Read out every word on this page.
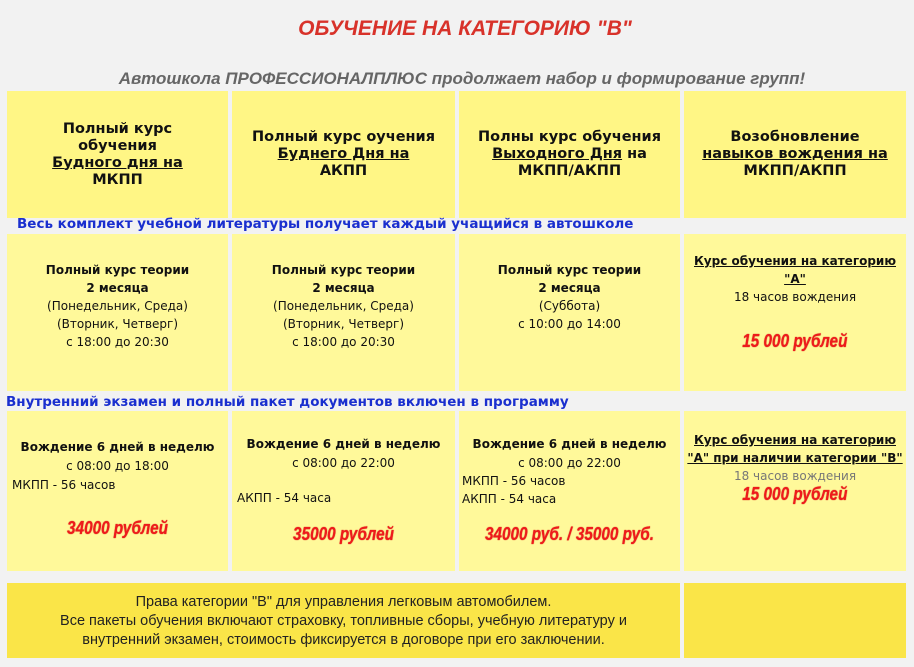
ОБУЧЕНИЕ НА КАТЕГОРИЮ "В"
Автошкола ПРОФЕССИОНАЛПЛЮС продолжает набор и формирование групп!
Полный курс
обучения
Будного дня на
МКПП
Полный курс оучения
Буднего Дня на
АКПП
Полны курс обучения
Выходного Дня на
МКПП/АКПП
Возобновление
навыков вождения на
МКПП/АКПП
Весь комплект учебной литературы получает каждый учащийся в автошколе
Полный курс теории
2 месяца
(Понедельник, Среда)
(Вторник, Четверг)
с 18:00 до 20:30
Полный курс теории
2 месяца
(Понедельник, Среда)
(Вторник, Четверг)
с 18:00 до 20:30
Полный курс теории
2 месяца
(Суббота)
с 10:00 до 14:00
Курс обучения на категорию
"А"
18 часов вождения
15 000 рублей
Внутренний экзамен и полный пакет документов включен в программу
Вождение 6 дней в неделю
с 08:00 до 18:00
МКПП - 56 часов
34000 рублей
Вождение 6 дней в неделю
с 08:00 до 22:00
АКПП - 54 часа
35000 рублей
Вождение 6 дней в неделю
с 08:00 до 22:00
МКПП - 56 часов
АКПП - 54 часа
34000 руб. / 35000 руб.
Курс обучения на категорию
"А" при наличии категории "В"
18 часов вождения
15 000 рублей
Права категории "В" для управления легковым автомобилем.
Все пакеты обучения включают страховку, топливные сборы, учебную литературу и
внутренний экзамен, стоимость фиксируется в договоре при его заключении.
